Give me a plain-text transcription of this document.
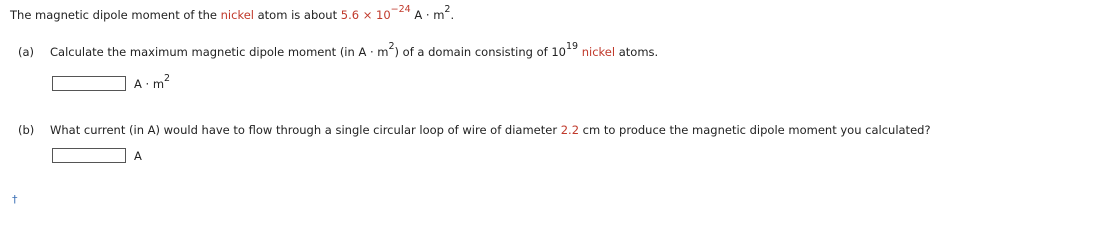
The magnetic dipole moment of the nickel atom is about $5.6 \times 10^{-24}$ $A \cdot m^2$.
(a) Calculate the maximum magnetic dipole moment (in $A \cdot m^2$) of a domain consisting of $10^{19}$ nickel atoms.
$A \cdot m^2$
(b) What current (in A) would have to flow through a single circular loop of wire of diameter 2.2 cm to produce the magnetic dipole moment you calculated?
A
†
